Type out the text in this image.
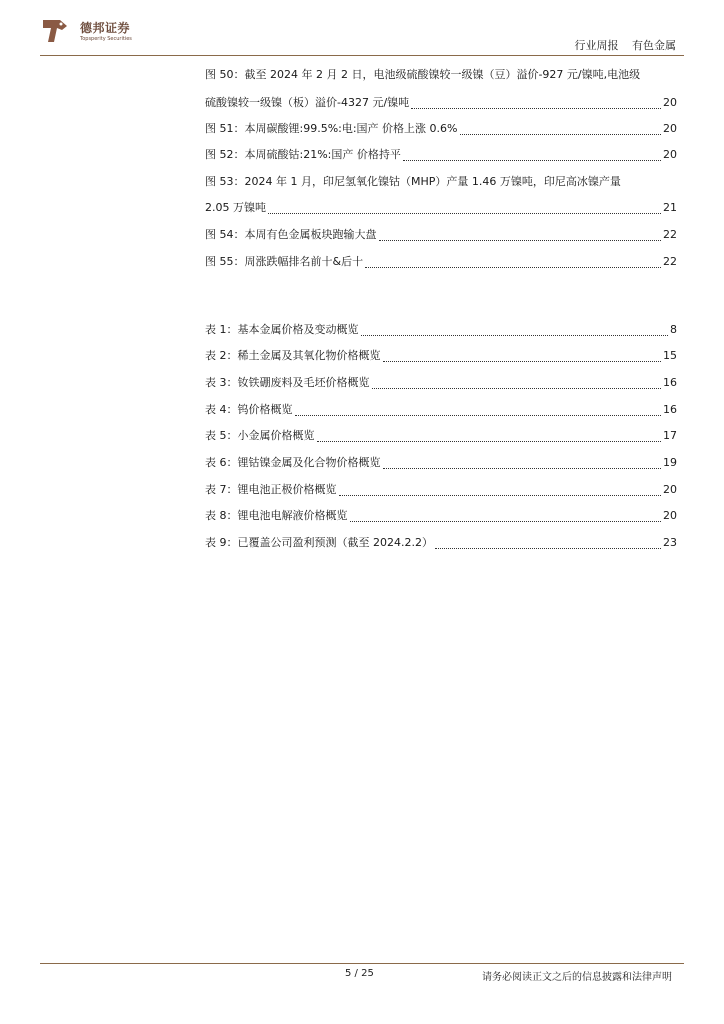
德邦证券
Topsperity Securities	行业周报 有色金属
图 50：截至 2024 年 2 月 2 日，电池级硫酸镍较一级镍（豆）溢价-927 元/镍吨,电池级
硫酸镍较一级镍（板）溢价-4327 元/镍吨	20
图 51：本周碳酸锂:99.5%:电:国产 价格上涨 0.6%	20
图 52：本周硫酸钴:21%:国产 价格持平	20
图 53：2024 年 1 月，印尼氢氧化镍钴（MHP）产量 1.46 万镍吨，印尼高冰镍产量
2.05 万镍吨	21
图 54：本周有色金属板块跑输大盘	22
图 55：周涨跌幅排名前十&后十	22
表 1：基本金属价格及变动概览	8
表 2：稀土金属及其氧化物价格概览	15
表 3：钕铁硼废料及毛坯价格概览	16
表 4：钨价格概览	16
表 5：小金属价格概览	17
表 6：锂钴镍金属及化合物价格概览	19
表 7：锂电池正极价格概览	20
表 8：锂电池电解液价格概览	20
表 9：已覆盖公司盈利预测（截至 2024.2.2）	23
5 / 25	请务必阅读正文之后的信息披露和法律声明
